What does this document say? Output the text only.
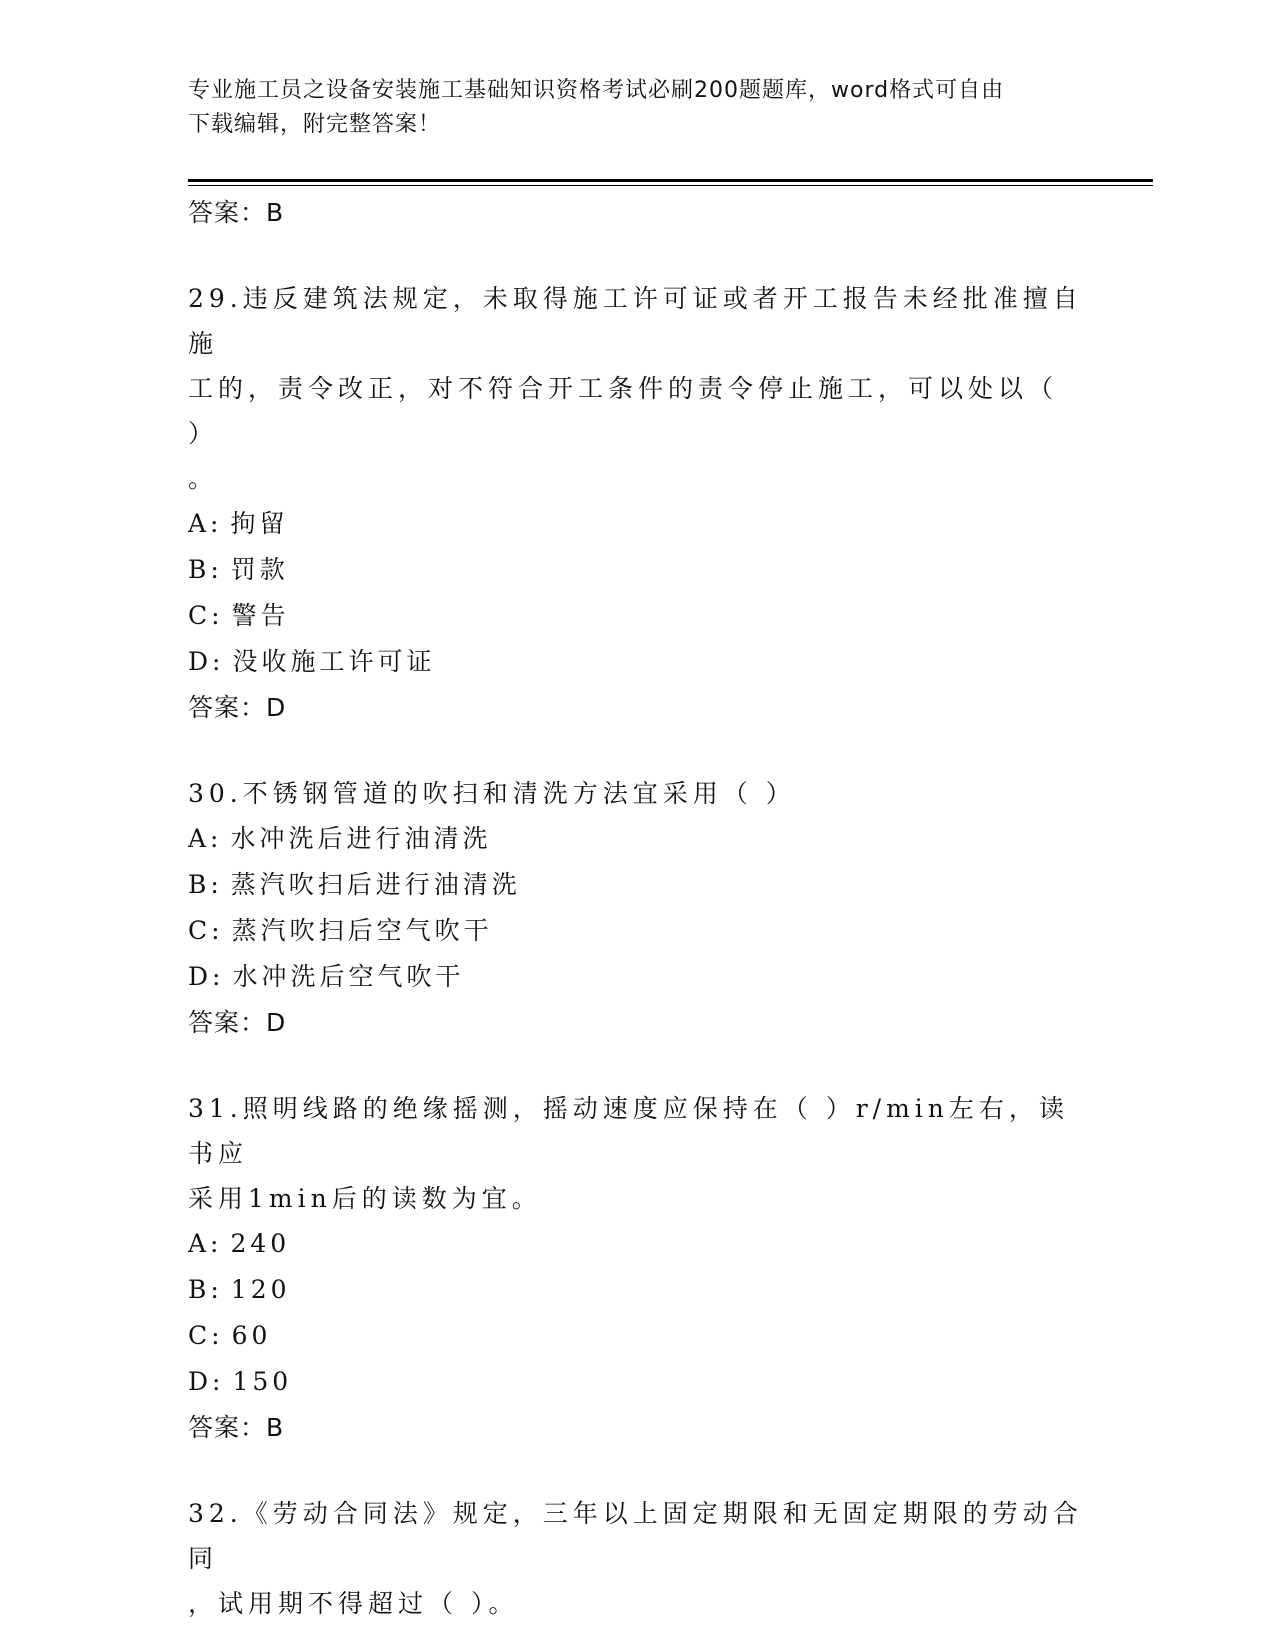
专业施工员之设备安装施工基础知识资格考试必刷200题题库，word格式可自由
下载编辑，附完整答案！
答案：B
29.违反建筑法规定，未取得施工许可证或者开工报告未经批准擅自施
工的，责令改正，对不符合开工条件的责令停止施工，可以处以（ ）
。
A: 拘留
B: 罚款
C: 警告
D: 没收施工许可证
答案：D
30.不锈钢管道的吹扫和清洗方法宜采用（ ）
A: 水冲洗后进行油清洗
B: 蒸汽吹扫后进行油清洗
C: 蒸汽吹扫后空气吹干
D: 水冲洗后空气吹干
答案：D
31.照明线路的绝缘摇测，摇动速度应保持在（ ）r/min左右，读书应
采用1min后的读数为宜。
A: 240
B: 120
C: 60
D: 150
答案：B
32.《劳动合同法》规定，三年以上固定期限和无固定期限的劳动合同
，试用期不得超过（ ）。
